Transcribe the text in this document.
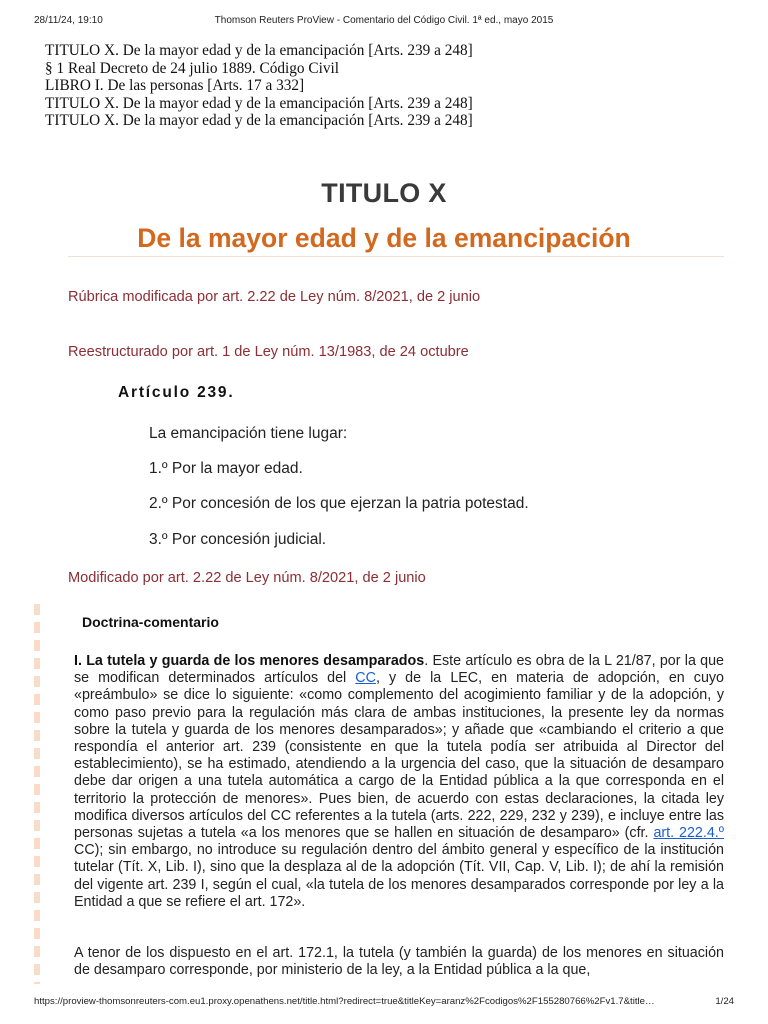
28/11/24, 19:10	Thomson Reuters ProView - Comentario del Código Civil. 1ª ed., mayo 2015
TITULO X. De la mayor edad y de la emancipación [Arts. 239 a 248]
§ 1 Real Decreto de 24 julio 1889. Código Civil
LIBRO I. De las personas [Arts. 17 a 332]
TITULO X. De la mayor edad y de la emancipación [Arts. 239 a 248]
TITULO X. De la mayor edad y de la emancipación [Arts. 239 a 248]
TITULO X
De la mayor edad y de la emancipación
Rúbrica modificada por art. 2.22 de Ley núm. 8/2021, de 2 junio
Reestructurado por art. 1 de Ley núm. 13/1983, de 24 octubre
Artículo 239.
La emancipación tiene lugar:
1.º Por la mayor edad.
2.º Por concesión de los que ejerzan la patria potestad.
3.º Por concesión judicial.
Modificado por art. 2.22 de Ley núm. 8/2021, de 2 junio
Doctrina-comentario

I. La tutela y guarda de los menores desamparados. Este artículo es obra de la L 21/87, por la que se modifican determinados artículos del CC, y de la LEC, en materia de adopción, en cuyo «preámbulo» se dice lo siguiente: «como complemento del acogimiento familiar y de la adopción, y como paso previo para la regulación más clara de ambas instituciones, la presente ley da normas sobre la tutela y guarda de los menores desamparados»; y añade que «cambiando el criterio a que respondía el anterior art. 239 (consistente en que la tutela podía ser atribuida al Director del establecimiento), se ha estimado, atendiendo a la urgencia del caso, que la situación de desamparo debe dar origen a una tutela automática a cargo de la Entidad pública a la que corresponda en el territorio la protección de menores». Pues bien, de acuerdo con estas declaraciones, la citada ley modifica diversos artículos del CC referentes a la tutela (arts. 222, 229, 232 y 239), e incluye entre las personas sujetas a tutela «a los menores que se hallen en situación de desamparo» (cfr. art. 222.4.º CC); sin embargo, no introduce su regulación dentro del ámbito general y específico de la institución tutelar (Tít. X, Lib. I), sino que la desplaza al de la adopción (Tít. VII, Cap. V, Lib. I); de ahí la remisión del vigente art. 239 I, según el cual, «la tutela de los menores desamparados corresponde por ley a la Entidad a que se refiere el art. 172».

A tenor de los dispuesto en el art. 172.1, la tutela (y también la guarda) de los menores en situación de desamparo corresponde, por ministerio de la ley, a la Entidad pública a la que,

https://proview-thomsonreuters-com.eu1.proxy.openathens.net/title.html?redirect=true&titleKey=aranz%2Fcodigos%2F155280766%2Fv1.7&title…	1/24
